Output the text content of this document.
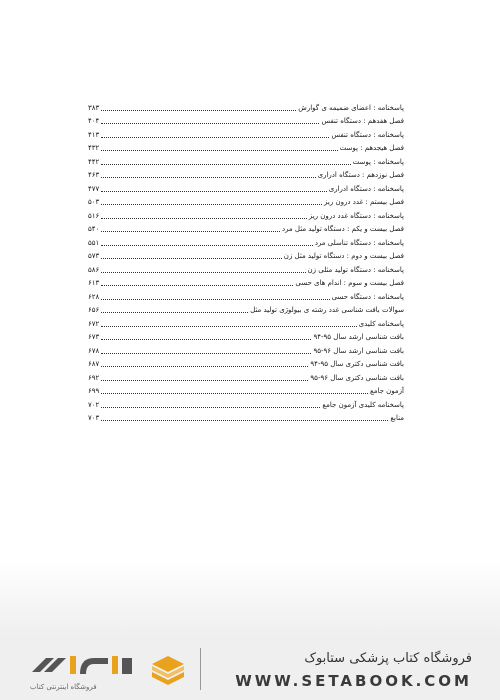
پاسخنامه : اعضای ضمیمه ی گوارش
۳۸۳
فصل هفدهم : دستگاه تنفس
۴۰۴
پاسخنامه : دستگاه تنفس
۴۱۳
فصل هیجدهم : پوست
۴۳۲
پاسخنامه : پوست
۴۴۲
فصل نوزدهم : دستگاه ادراری
۴۶۳
پاسخنامه : دستگاه ادراری
۴۷۷
فصل بیستم : غدد درون ریز
۵۰۳
پاسخنامه : دستگاه غدد درون ریز
۵۱۶
فصل بیست و یکم : دستگاه تولید مثل مرد
۵۴۰
پاسخنامه : دستگاه تناسلی مرد
۵۵۱
فصل بیست و دوم : دستگاه تولید مثل زن
۵۷۳
پاسخنامه : دستگاه تولید مثلی زن
۵۸۶
فصل بیست و سوم : اندام های حسی
۶۱۳
پاسخنامه : دستگاه حسی
۶۲۸
سوالات بافت شناسی غدد رشته ی بیولوژی تولید مثل
۶۵۶
پاسخنامه کلیدی
۶۷۲
بافت شناسی ارشد سال ۹۵-۹۴
۶۷۳
بافت شناسی ارشد سال ۹۶-۹۵
۶۷۸
بافت شناسی دکتری سال ۹۵-۹۴
۶۸۷
بافت شناسی دکتری سال ۹۶-۹۵
۶۹۲
آزمون جامع
۶۹۹
پاسخنامه کلیدی آزمون جامع
۷۰۲
منابع
۷۰۳
فروشگاه اینترنتی کتاب
فروشگاه کتاب پزشکی ستابوک
WWW.SETABOOK.COM
